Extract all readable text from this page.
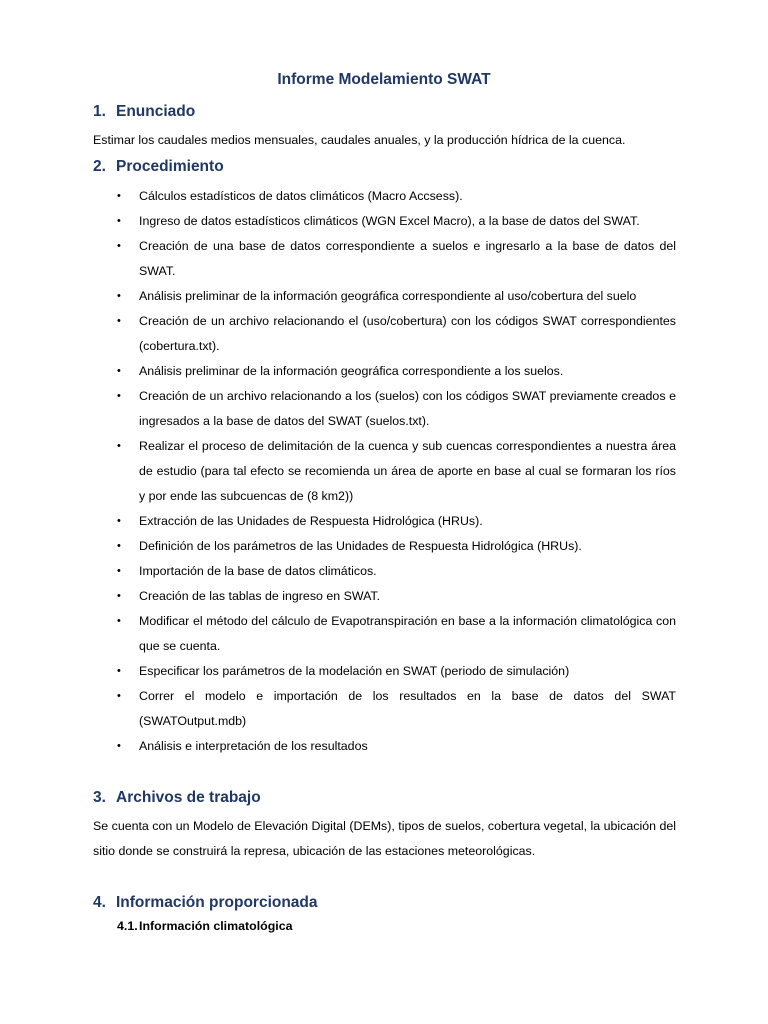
Informe Modelamiento SWAT
1. Enunciado
Estimar los caudales medios mensuales, caudales anuales, y la producción hídrica de la cuenca.
2. Procedimiento
• Cálculos estadísticos de datos climáticos (Macro Accsess).
• Ingreso de datos estadísticos climáticos (WGN Excel Macro), a la base de datos del SWAT.
• Creación de una base de datos correspondiente a suelos e ingresarlo a la base de datos del SWAT.
• Análisis preliminar de la información geográfica correspondiente al uso/cobertura del suelo
• Creación de un archivo relacionando el (uso/cobertura) con los códigos SWAT correspondientes (cobertura.txt).
• Análisis preliminar de la información geográfica correspondiente a los suelos.
• Creación de un archivo relacionando a los (suelos) con los códigos SWAT previamente creados e ingresados a la base de datos del SWAT (suelos.txt).
• Realizar el proceso de delimitación de la cuenca y sub cuencas correspondientes a nuestra área de estudio (para tal efecto se recomienda un área de aporte en base al cual se formaran los ríos y por ende las subcuencas de (8 km2))
• Extracción de las Unidades de Respuesta Hidrológica (HRUs).
• Definición de los parámetros de las Unidades de Respuesta Hidrológica (HRUs).
• Importación de la base de datos climáticos.
• Creación de las tablas de ingreso en SWAT.
• Modificar el método del cálculo de Evapotranspiración en base a la información climatológica con que se cuenta.
• Especificar los parámetros de la modelación en SWAT (periodo de simulación)
• Correr el modelo e importación de los resultados en la base de datos del SWAT (SWATOutput.mdb)
• Análisis e interpretación de los resultados
3. Archivos de trabajo
Se cuenta con un Modelo de Elevación Digital (DEMs), tipos de suelos, cobertura vegetal, la ubicación del sitio donde se construirá la represa, ubicación de las estaciones meteorológicas.
4. Información proporcionada
4.1.Información climatológica
